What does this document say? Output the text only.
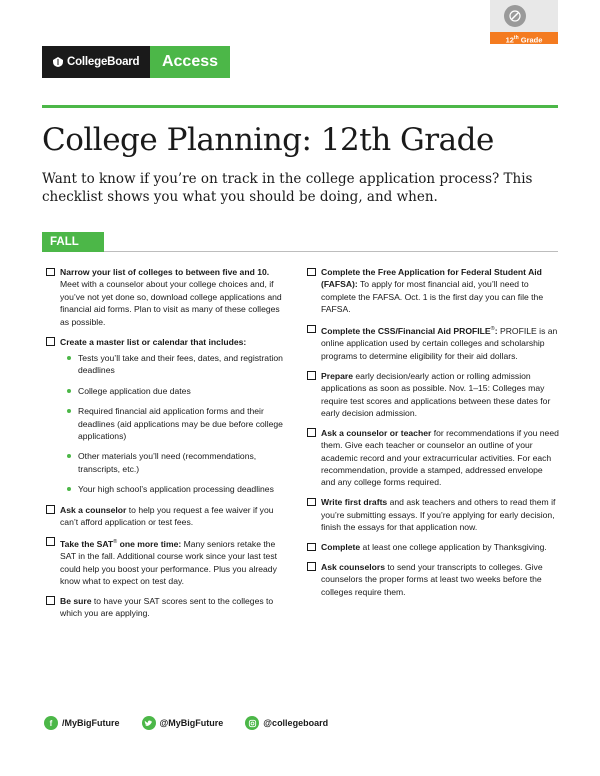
12th Grade
CollegeBoard	Access
College Planning: 12th Grade

Want to know if you’re on track in the college application process? This checklist shows you what you should be doing, and when.

FALL
Narrow your list of colleges to between five and 10. Meet with a counselor about your college choices and, if you’ve not yet done so, download college applications and financial aid forms. Plan to visit as many of these colleges as possible.
Create a master list or calendar that includes:
Tests you’ll take and their fees, dates, and registration deadlines
College application due dates
Required financial aid application forms and their deadlines (aid applications may be due before college applications)
Other materials you’ll need (recommendations, transcripts, etc.)
Your high school’s application processing deadlines
Ask a counselor to help you request a fee waiver if you can’t afford application or test fees.
Take the SAT® one more time: Many seniors retake the SAT in the fall. Additional course work since your last test could help you boost your performance. Plus you already know what to expect on test day.
Be sure to have your SAT scores sent to the colleges to which you are applying.
Complete the Free Application for Federal Student Aid (FAFSA): To apply for most financial aid, you’ll need to complete the FAFSA. Oct. 1 is the first day you can file the FAFSA.
Complete the CSS/Financial Aid PROFILE®: PROFILE is an online application used by certain colleges and scholarship programs to determine eligibility for their aid dollars.
Prepare early decision/early action or rolling admission applications as soon as possible. Nov. 1–15: Colleges may require test scores and applications between these dates for early decision admission.
Ask a counselor or teacher for recommendations if you need them. Give each teacher or counselor an outline of your academic record and your extracurricular activities. For each recommendation, provide a stamped, addressed envelope and any college forms required.
Write first drafts and ask teachers and others to read them if you’re submitting essays. If you’re applying for early decision, finish the essays for that application now.
Complete at least one college application by Thanksgiving.
Ask counselors to send your transcripts to colleges. Give counselors the proper forms at least two weeks before the colleges require them.
f	/MyBigFuture	@MyBigFuture	@collegeboard
